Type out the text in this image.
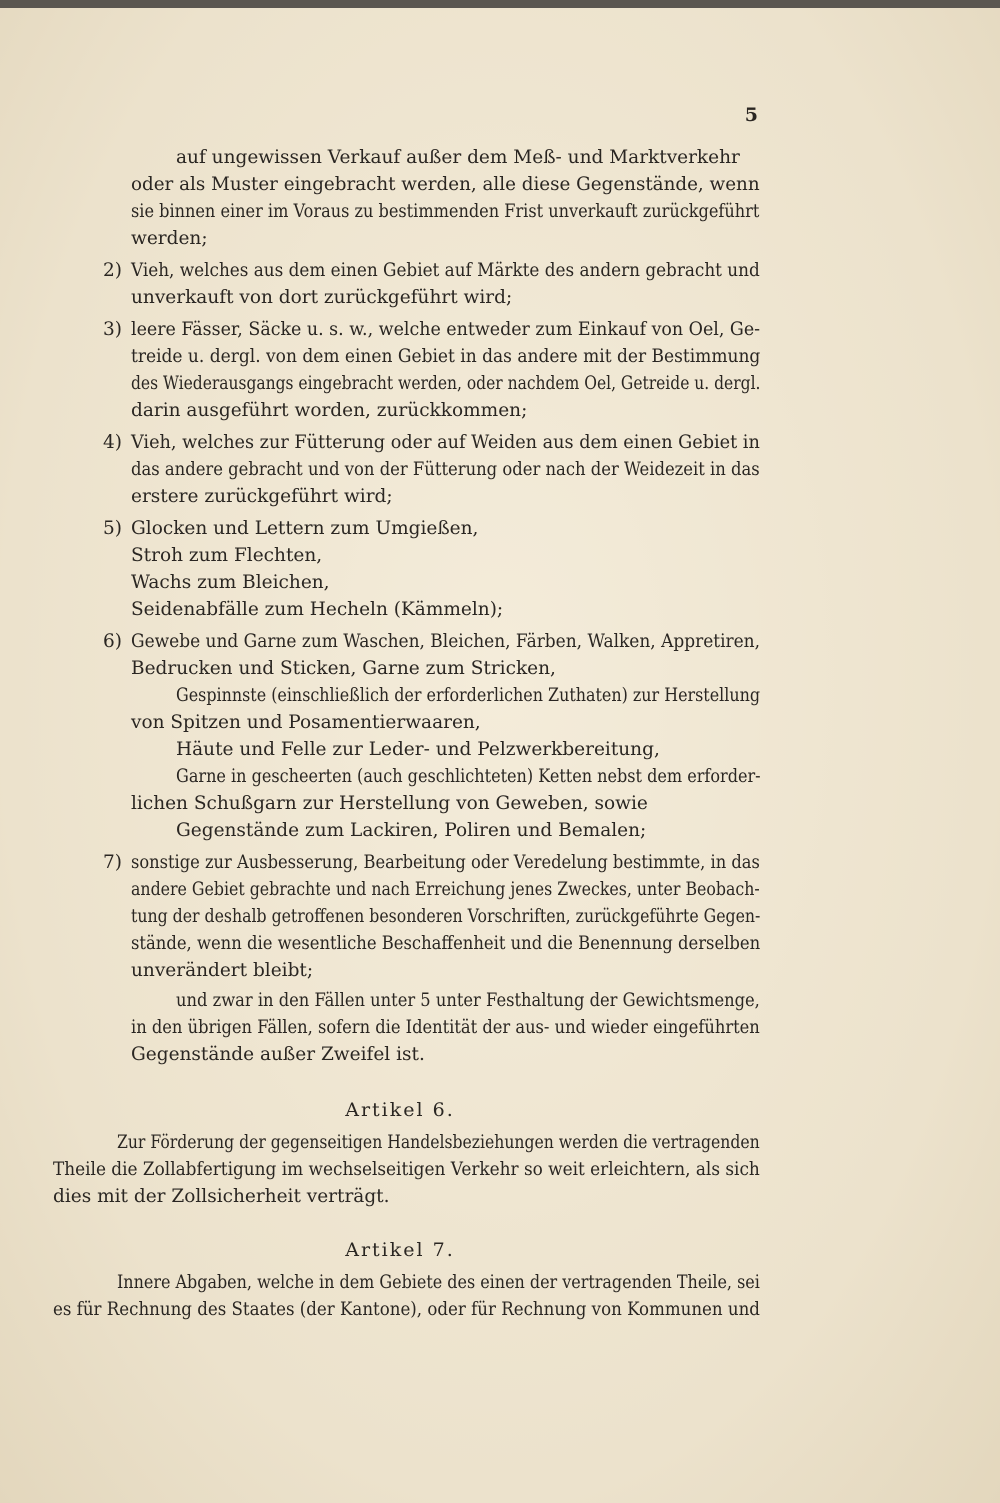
5
auf ungewissen Verkauf außer dem Meß- und Marktverkehr
oder als Muster eingebracht werden, alle diese Gegenstände, wenn
sie binnen einer im Voraus zu bestimmenden Frist unverkauft zurückgeführt
werden;
2) Vieh, welches aus dem einen Gebiet auf Märkte des andern gebracht und
unverkauft von dort zurückgeführt wird;
3) leere Fässer, Säcke u. s. w., welche entweder zum Einkauf von Oel, Ge-
treide u. dergl. von dem einen Gebiet in das andere mit der Bestimmung
des Wiederausgangs eingebracht werden, oder nachdem Oel, Getreide u. dergl.
darin ausgeführt worden, zurückkommen;
4) Vieh, welches zur Fütterung oder auf Weiden aus dem einen Gebiet in
das andere gebracht und von der Fütterung oder nach der Weidezeit in das
erstere zurückgeführt wird;
5) Glocken und Lettern zum Umgießen,
Stroh zum Flechten,
Wachs zum Bleichen,
Seidenabfälle zum Hecheln (Kämmeln);
6) Gewebe und Garne zum Waschen, Bleichen, Färben, Walken, Appretiren,
Bedrucken und Sticken, Garne zum Stricken,
Gespinnste (einschließlich der erforderlichen Zuthaten) zur Herstellung
von Spitzen und Posamentierwaaren,
Häute und Felle zur Leder- und Pelzwerkbereitung,
Garne in gescheerten (auch geschlichteten) Ketten nebst dem erforder-
lichen Schußgarn zur Herstellung von Geweben, sowie
Gegenstände zum Lackiren, Poliren und Bemalen;
7) sonstige zur Ausbesserung, Bearbeitung oder Veredelung bestimmte, in das
andere Gebiet gebrachte und nach Erreichung jenes Zweckes, unter Beobach-
tung der deshalb getroffenen besonderen Vorschriften, zurückgeführte Gegen-
stände, wenn die wesentliche Beschaffenheit und die Benennung derselben
unverändert bleibt;
und zwar in den Fällen unter 5 unter Festhaltung der Gewichtsmenge,
in den übrigen Fällen, sofern die Identität der aus- und wieder eingeführten
Gegenstände außer Zweifel ist.
Artikel 6.
Zur Förderung der gegenseitigen Handelsbeziehungen werden die vertragenden
Theile die Zollabfertigung im wechselseitigen Verkehr so weit erleichtern, als sich
dies mit der Zollsicherheit verträgt.
Artikel 7.
Innere Abgaben, welche in dem Gebiete des einen der vertragenden Theile, sei
es für Rechnung des Staates (der Kantone), oder für Rechnung von Kommunen und
